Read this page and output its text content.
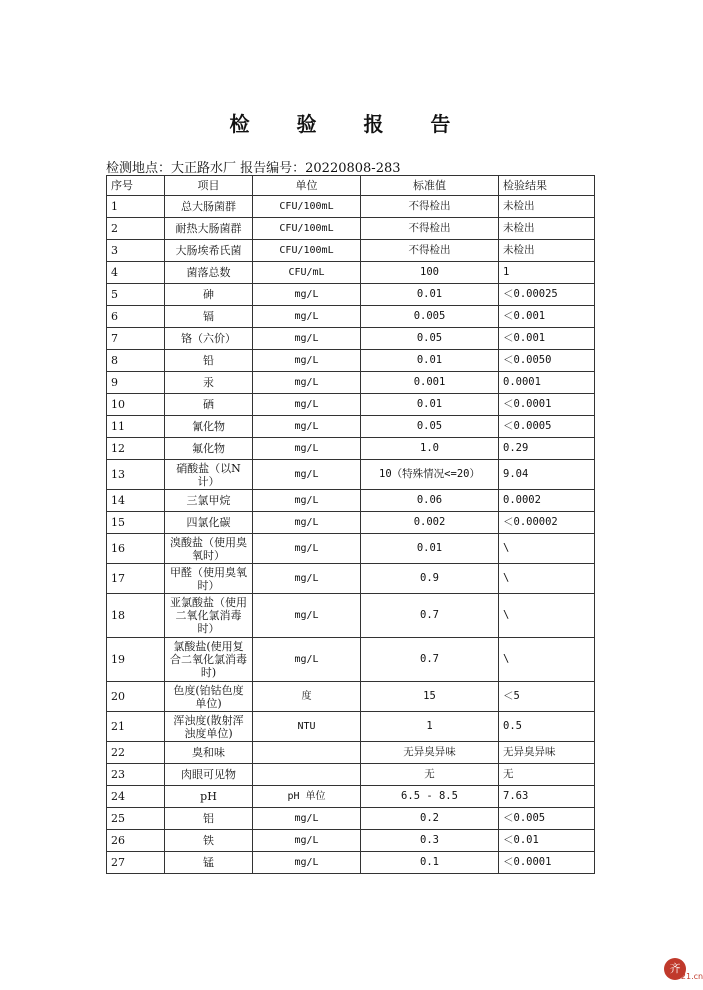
检 验 报 告
检测地点：大正路水厂 报告编号：20220808-283
序号	项目	单位	标准值	检验结果
1	总大肠菌群	CFU/100mL	不得检出	未检出
2	耐热大肠菌群	CFU/100mL	不得检出	未检出
3	大肠埃希氏菌	CFU/100mL	不得检出	未检出
4	菌落总数	CFU/mL	100	1
5	砷	mg/L	0.01	＜0.00025
6	镉	mg/L	0.005	＜0.001
7	铬（六价）	mg/L	0.05	＜0.001
8	铅	mg/L	0.01	＜0.0050
9	汞	mg/L	0.001	0.0001
10	硒	mg/L	0.01	＜0.0001
11	氰化物	mg/L	0.05	＜0.0005
12	氟化物	mg/L	1.0	0.29
13	硝酸盐（以N计）	mg/L	10（特殊情况<=20）	9.04
14	三氯甲烷	mg/L	0.06	0.0002
15	四氯化碳	mg/L	0.002	＜0.00002
16	溴酸盐（使用臭氧时）	mg/L	0.01	\
17	甲醛（使用臭氧时）	mg/L	0.9	\
18	亚氯酸盐（使用二氧化氯消毒时）	mg/L	0.7	\
19	氯酸盐(使用复合二氧化氯消毒时)	mg/L	0.7	\
20	色度(铂钴色度单位)	度	15	＜5
21	浑浊度(散射浑浊度单位)	NTU	1	0.5
22	臭和味		无异臭异味	无异臭异味
23	肉眼可见物		无	无
24	pH	pH 单位	6.5 - 8.5	7.63
25	铝	mg/L	0.2	＜0.005
26	铁	mg/L	0.3	＜0.01
27	锰	mg/L	0.1	＜0.0001
齐
e21.cn
